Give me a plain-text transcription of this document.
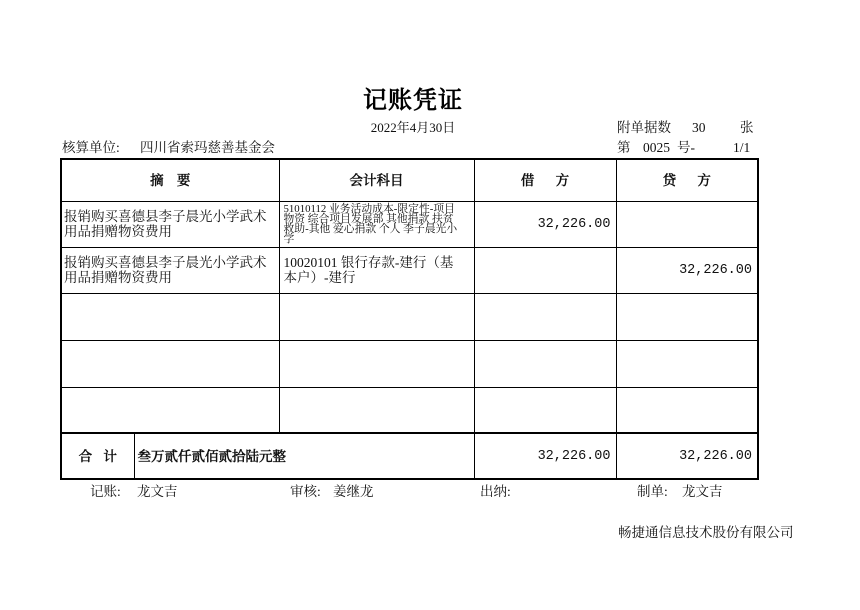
记账凭证
2022年4月30日	附单据数 30	张
核算单位: 四川省索玛慈善基金会	第 0025 号-	1/1
摘 要		会计科目	借 方	贷 方
报销购买喜德县李子晨光小学武术用品捐赠物资费用		51010112 业务活动成本-限定性-项目
物资 综合项目发展部 其他捐款 扶贫
救助-其他 爱心捐款 个人 李子晨光小
学	32,226.00	
报销购买喜德县李子晨光小学武术用品捐赠物资费用		10020101 银行存款-建行（基
本户）-建行		32,226.00

合 计	叁万贰仟贰佰贰拾陆元整		32,226.00	32,226.00
记账: 龙文吉	审核: 姜继龙	出纳:	制单: 龙文吉
畅捷通信息技术股份有限公司
